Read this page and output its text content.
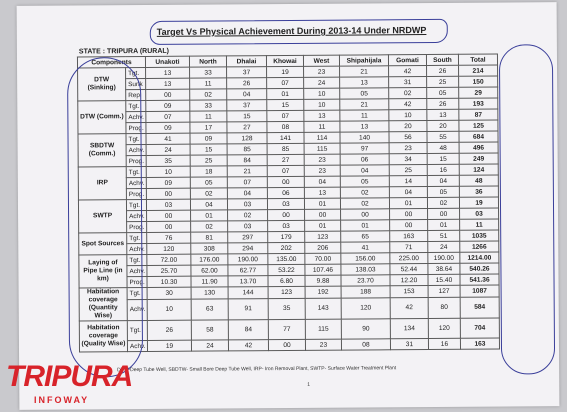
Target Vs Physical Achievement During 2013-14 Under NRDWP
STATE : TRIPURA (RURAL)
Components		Unakoti	North	Dhalai	Khowai	West	Shipahijala	Gomati	South	Total
DTW (Sinking)	Tgt.	13	33	37	19	23	21	42	26	214
	Sunk	13	11	26	07	24	13	31	25	150
	Repl	00	02	04	01	10	05	02	05	29
DTW (Comm.)	Tgt.	09	33	37	15	10	21	42	26	193
	Achv.	07	11	15	07	13	11	10	13	87
	Prog.	09	17	27	08	11	13	20	20	125
SBDTW (Comm.)	Tgt.	41	09	128	141	114	140	56	55	684
	Achv.	24	15	85	85	115	97	23	48	496
	Prog.	35	25	84	27	23	06	34	15	249
IRP	Tgt.	10	18	21	07	23	04	25	16	124
	Achv.	09	05	07	00	04	05	14	04	48
	Prog.	00	02	04	06	13	02	04	05	36
SWTP	Tgt.	03	04	03	03	01	02	01	02	19
	Achv.	00	01	02	00	00	00	00	00	03
	Prog.	00	02	03	03	01	01	00	01	11
Spot Sources	Tgt.	76	81	297	179	123	65	163	51	1035
	Achv.	120	308	294	202	206	41	71	24	1266
Laying of Pipe Line (in km)	Tgt.	72.00	176.00	190.00	135.00	70.00	156.00	225.00	190.00	1214.00
	Achv.	25.70	62.00	62.77	53.22	107.46	138.03	52.44	38.64	540.26
	Prog.	10.30	11.90	13.70	6.80	9.88	23.70	12.20	15.40	541.36
Habitation coverage (Quantity Wise)	Tgt.	30	130	144	123	192	188	153	127	1087
	Achv.	10	63	91	35	143	120	42	80	584
Habitation coverage (Quality Wise)	Tgt.	26	58	84	77	115	90	134	120	704
	Achv.	19	24	42	00	23	08	31	16	163
DTW-Deep Tube Well, SBDTW- Small Bore Deep Tube Well, IRP- Iron Removal Plant, SWTP- Surface Water Treatment Plant
1
TRIPURA
INFOWAY
